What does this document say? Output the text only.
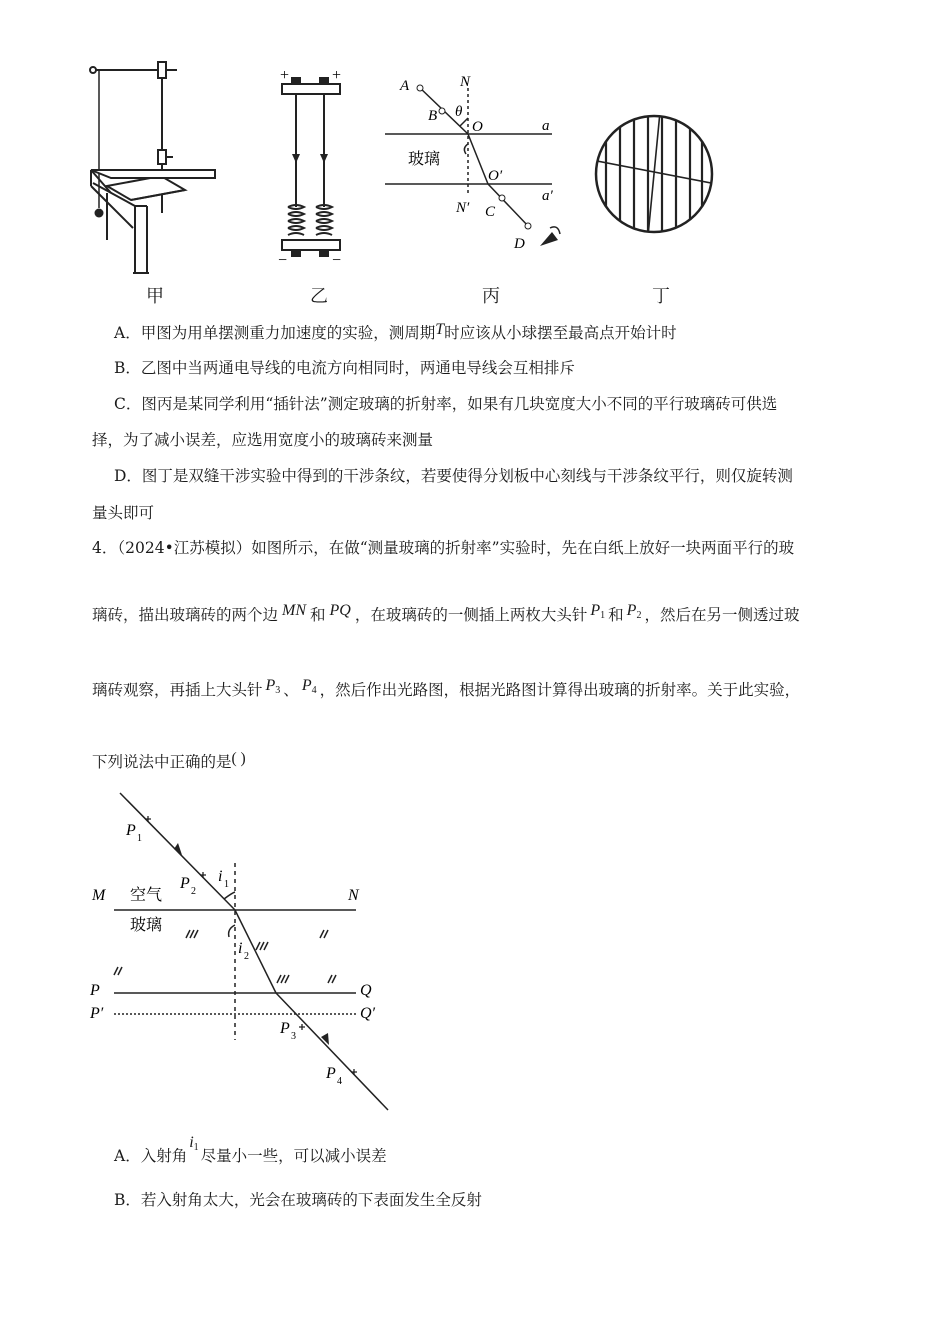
甲
+	+
−	−
乙
A
B
N
θ
O	a
玻璃
O′
N′ C
a′
D
丙	丁
A．甲图为用单摆测重力加速度的实验，测周期T时应该从小球摆至最高点开始计时
B．乙图中当两通电导线的电流方向相同时，两通电导线会互相排斥
C．图丙是某同学利用“插针法”测定玻璃的折射率，如果有几块宽度大小不同的平行玻璃砖可供选
择，为了减小误差，应选用宽度小的玻璃砖来测量
D．图丁是双缝干涉实验中得到的干涉条纹，若要使得分划板中心刻线与干涉条纹平行，则仅旋转测
量头即可
4．（2024•江苏模拟）如图所示，在做“测量玻璃的折射率”实验时，先在白纸上放好一块两面平行的玻
璃砖，描出玻璃砖的两个边 MN 和 PQ ，在玻璃砖的一侧插上两枚大头针 $P_1$ 和 $P_2$ ，然后在另一侧透过玻
璃砖观察，再插上大头针 $P_3$ 、 $P_4$ ，然后作出光路图，根据光路图计算得出玻璃的折射率。关于此实验，
下列说法中正确的是( )
M	N
空气
玻璃
P	Q
P′	Q′
P 1
P 2
P 3
P 4
i 1
i 2
A．入射角$i_1$ 尽量小一些，可以减小误差
B．若入射角太大，光会在玻璃砖的下表面发生全反射
